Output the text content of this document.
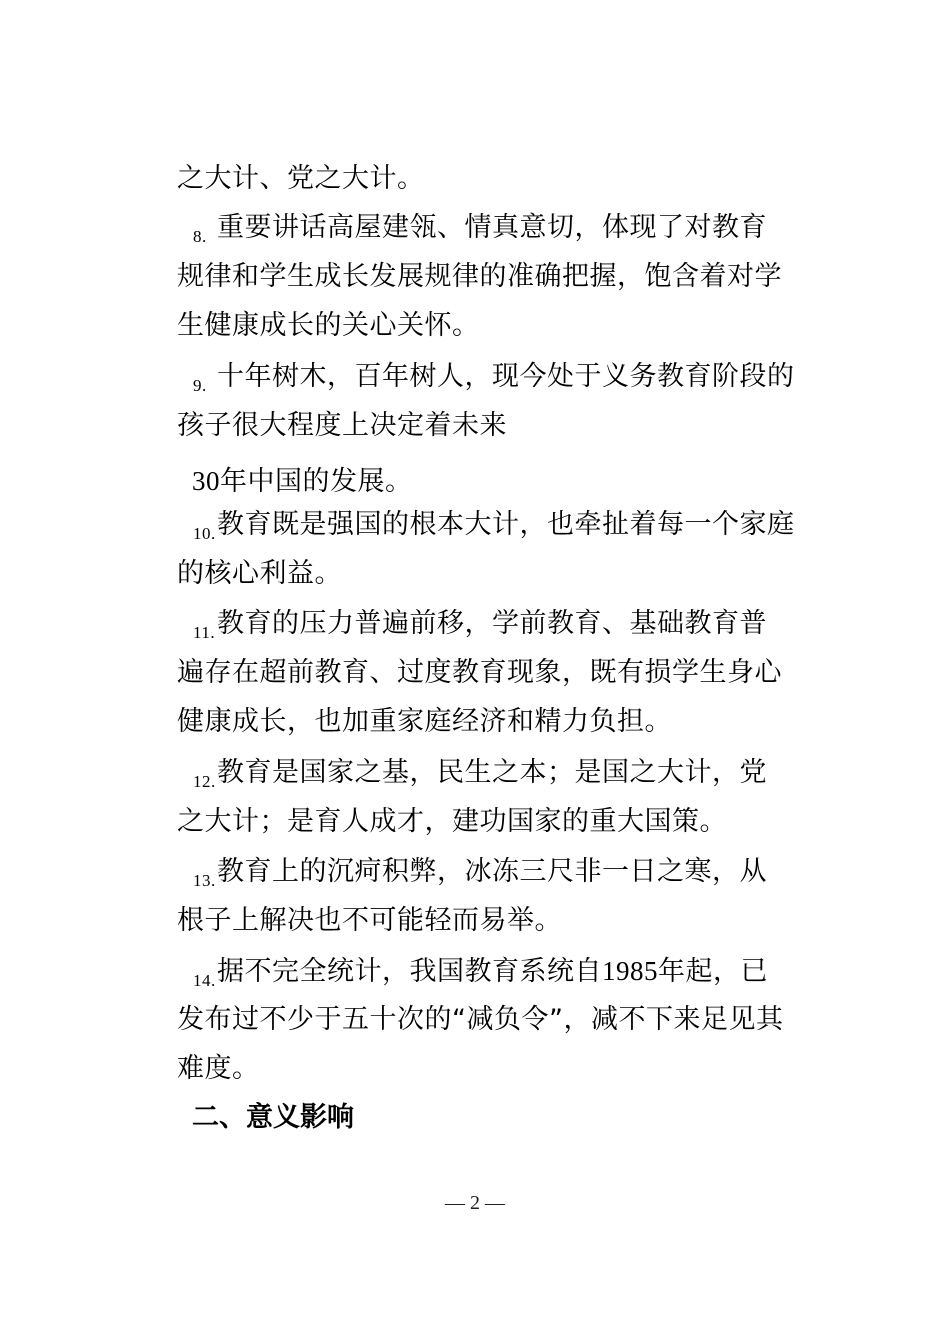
之大计、党之大计。
8. 重要讲话高屋建瓴、情真意切，体现了对教育
规律和学生成长发展规律的准确把握，饱含着对学
生健康成长的关心关怀。
9. 十年树木，百年树人，现今处于义务教育阶段的
孩子很大程度上决定着未来
30年中国的发展。
10.教育既是强国的根本大计，也牵扯着每一个家庭
的核心利益。
11.教育的压力普遍前移，学前教育、基础教育普
遍存在超前教育、过度教育现象，既有损学生身心
健康成长，也加重家庭经济和精力负担。
12.教育是国家之基，民生之本；是国之大计，党
之大计；是育人成才，建功国家的重大国策。
13.教育上的沉疴积弊，冰冻三尺非一日之寒，从
根子上解决也不可能轻而易举。
14.据不完全统计，我国教育系统自1985年起，已
发布过不少于五十次的“减负令”，减不下来足见其
难度。
二、意义影响
— 2 —
